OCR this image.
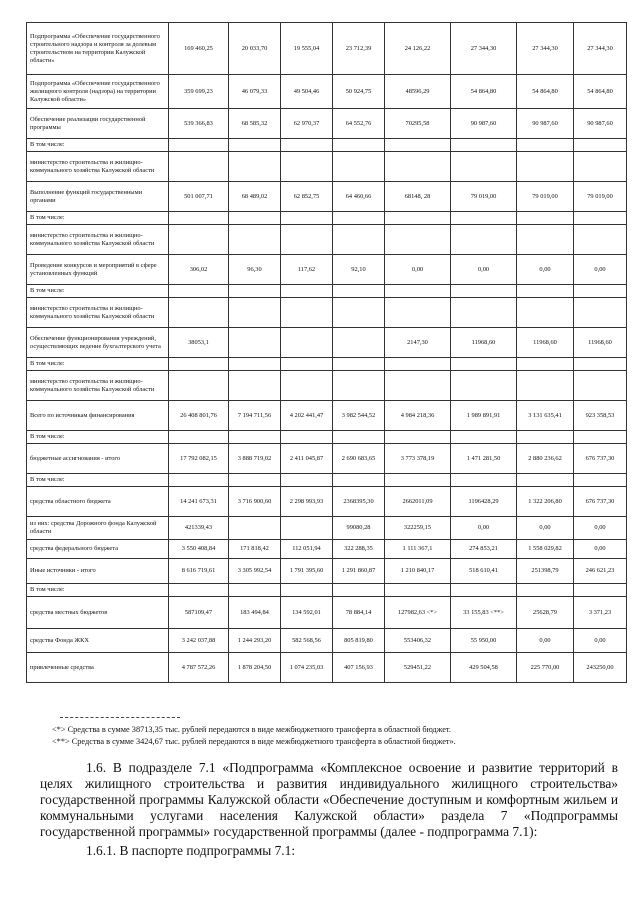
Подпрограмма «Обеспечение государственного строительного надзора и контроля за долевым строительством на территории Калужской области»	169 460,25	20 033,70	19 555,04	23 712,39	24 126,22	27 344,30	27 344,30	27 344,30
Подпрограмма «Обеспечение государственного жилищного контроля (надзора) на территории Калужской области»	359 699,23	46 079,33	49 504,46	50 924,75	48596,29	54 864,80	54 864,80	54 864,80
Обеспечение реализации государственной программы	539 366,83	68 585,32	62 970,37	64 552,76	70295,58	90 987,60	90 987,60	90 987,60
В том числе:								
министерство строительства и жилищно-коммунального хозяйства Калужской области								
Выполнение функций государственными органами	501 007,71	68 489,02	62 852,75	64 460,66	68148, 28	79 019,00	79 019,00	79 019,00
В том числе:								
министерство строительства и жилищно-коммунального хозяйства Калужской области								
Проведение конкурсов и мероприятий в сфере установленных функций	306,02	96,30	117,62	92,10	0,00	0,00	0,00	0,00
В том числе:								
министерство строительства и жилищно-коммунального хозяйства Калужской области								
Обеспечение функционирования учреждений, осуществляющих ведение бухгалтерского учета	38053,1				2147,30	11968,60	11968,60	11968,60
В том числе:								
министерство строительства и жилищно-коммунального хозяйства Калужской области								
Всего по источникам финансирования	26 408 801,76	7 194 711,56	4 202 441,47	3 982 544,52	4 984 218,36	1 989 891,91	3 131 635,41	923 358,53
В том числе:								
бюджетные ассигнования - итого	17 792 082,15	3 888 719,02	2 411 045,87	2 690 683,65	3 773 378,19	1 471 281,50	2 880 236,62	676 737,30
В том числе:								
средства областного бюджета	14 241 673,31	3 716 900,60	2 298 993,93	2368395,30	2662011,09	1196428,29	1 322 206,80	676 737,30
из них: средства Дорожного фонда Калужской области	421339,43			99080,28	322259,15	0,00	0,00	0,00
средства федерального бюджета	3 550 408,84	171 818,42	112 051,94	322 288,35	1 111 367,1	274 853,21	1 558 029,82	0,00
Иные источники - итого	8 616 719,61	3 305 992,54	1 791 395,60	1 291 860,87	1 210 840,17	518 610,41	251398,79	246 621,23
В том числе:								
средства местных бюджетов	587109,47	183 494,84	134 592,01	78 884,14	127982,63 <*>	33 155,83 <**>	25628,79	3 371,23
средства Фонда ЖКХ	3 242 037,88	1 244 293,20	582 568,56	805 819,80	553406,32	55 950,00	0,00	0,00
привлеченные средства	4 787 572,26	1 878 204,50	1 074 235,03	407 156,93	529451,22	429 504,58	225 770,00	243250,00
<*> Средства в сумме 38713,35 тыс. рублей передаются в виде межбюджетного трансферта в областной бюджет.
<**> Средства в сумме 3424,67 тыс. рублей передаются в виде межбюджетного трансферта в областной бюджет».
1.6. В подразделе 7.1 «Подпрограмма «Комплексное освоение и развитие территорий в целях жилищного строительства и развития индивидуального жилищного строительства» государственной программы Калужской области «Обеспечение доступным и комфортным жильем и коммунальными услугами населения Калужской области» раздела 7 «Подпрограммы государственной программы» государственной программы (далее - подпрограмма 7.1):
1.6.1. В паспорте подпрограммы 7.1:
